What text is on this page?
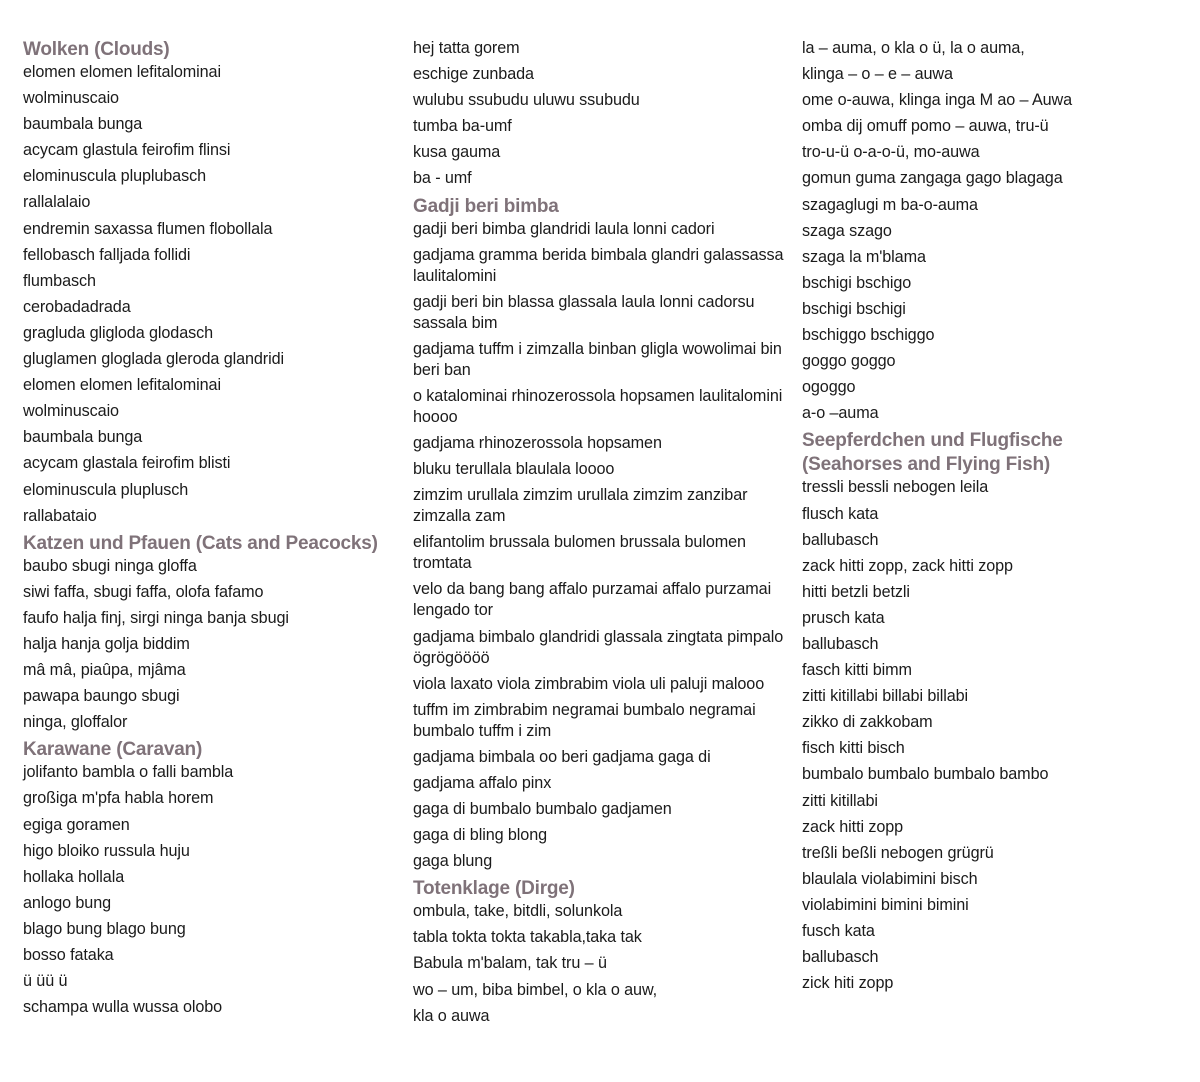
Wolken (Clouds)
elomen elomen lefitalominai
wolminuscaio
baumbala bunga
acycam glastula feirofim flinsi
elominuscula pluplubasch
rallalalaio
endremin saxassa flumen flobollala
fellobasch falljada follidi
flumbasch
cerobadadrada
gragluda gligloda glodasch
gluglamen gloglada gleroda glandridi
elomen elomen lefitalominai
wolminuscaio
baumbala bunga
acycam glastala feirofim blisti
elominuscula pluplusch
rallabataio
Katzen und Pfauen (Cats and Peacocks)
baubo sbugi ninga gloffa
siwi faffa, sbugi faffa, olofa fafamo
faufo halja finj, sirgi ninga banja sbugi
halja hanja golja biddim
mâ mâ, piaûpa, mjâma
pawapa baungo sbugi
ninga, gloffalor
Karawane (Caravan)
jolifanto bambla o falli bambla
großiga m'pfa habla horem
egiga goramen
higo bloiko russula huju
hollaka hollala
anlogo bung
blago bung blago bung
bosso fataka
ü üü ü
schampa wulla wussa olobo
hej tatta gorem
eschige zunbada
wulubu ssubudu uluwu ssubudu
tumba ba-umf
kusa gauma
ba - umf
Gadji beri bimba
gadji beri bimba glandridi laula lonni cadori
gadjama gramma berida bimbala glandri galassassa laulitalomini
gadji beri bin blassa glassala laula lonni cadorsu sassala bim
gadjama tuffm i zimzalla binban gligla wowolimai bin beri ban
o katalominai rhinozerossola hopsamen laulitalomini hoooo
gadjama rhinozerossola hopsamen
bluku terullala blaulala loooo
zimzim urullala zimzim urullala zimzim zanzibar zimzalla zam
elifantolim brussala bulomen brussala bulomen tromtata
velo da bang bang affalo purzamai affalo purzamai lengado tor
gadjama bimbalo glandridi glassala zingtata pimpalo ögrögöööö
viola laxato viola zimbrabim viola uli paluji malooo
tuffm im zimbrabim negramai bumbalo negramai bumbalo tuffm i zim
gadjama bimbala oo beri gadjama gaga di
gadjama affalo pinx
gaga di bumbalo bumbalo gadjamen
gaga di bling blong
gaga blung
Totenklage (Dirge)
ombula, take, bitdli, solunkola
tabla tokta tokta takabla,taka tak
Babula m'balam, tak tru – ü
wo – um, biba bimbel, o kla o auw,
kla o auwa
la – auma, o kla o ü, la o auma,
klinga – o – e – auwa
ome o-auwa, klinga inga M ao – Auwa
omba dij omuff pomo – auwa, tru-ü
tro-u-ü o-a-o-ü, mo-auwa
gomun guma zangaga gago blagaga
szagaglugi m ba-o-auma
szaga szago
szaga la m'blama
bschigi bschigo
bschigi bschigi
bschiggo bschiggo
goggo goggo
ogoggo
a-o –auma
Seepferdchen und Flugfische
(Seahorses and Flying Fish)
tressli bessli nebogen leila
flusch kata
ballubasch
zack hitti zopp, zack hitti zopp
hitti betzli betzli
prusch kata
ballubasch
fasch kitti bimm
zitti kitillabi billabi billabi
zikko di zakkobam
fisch kitti bisch
bumbalo bumbalo bumbalo bambo
zitti kitillabi
zack hitti zopp
treßli beßli nebogen grügrü
blaulala violabimini bisch
violabimini bimini bimini
fusch kata
ballubasch
zick hiti zopp
